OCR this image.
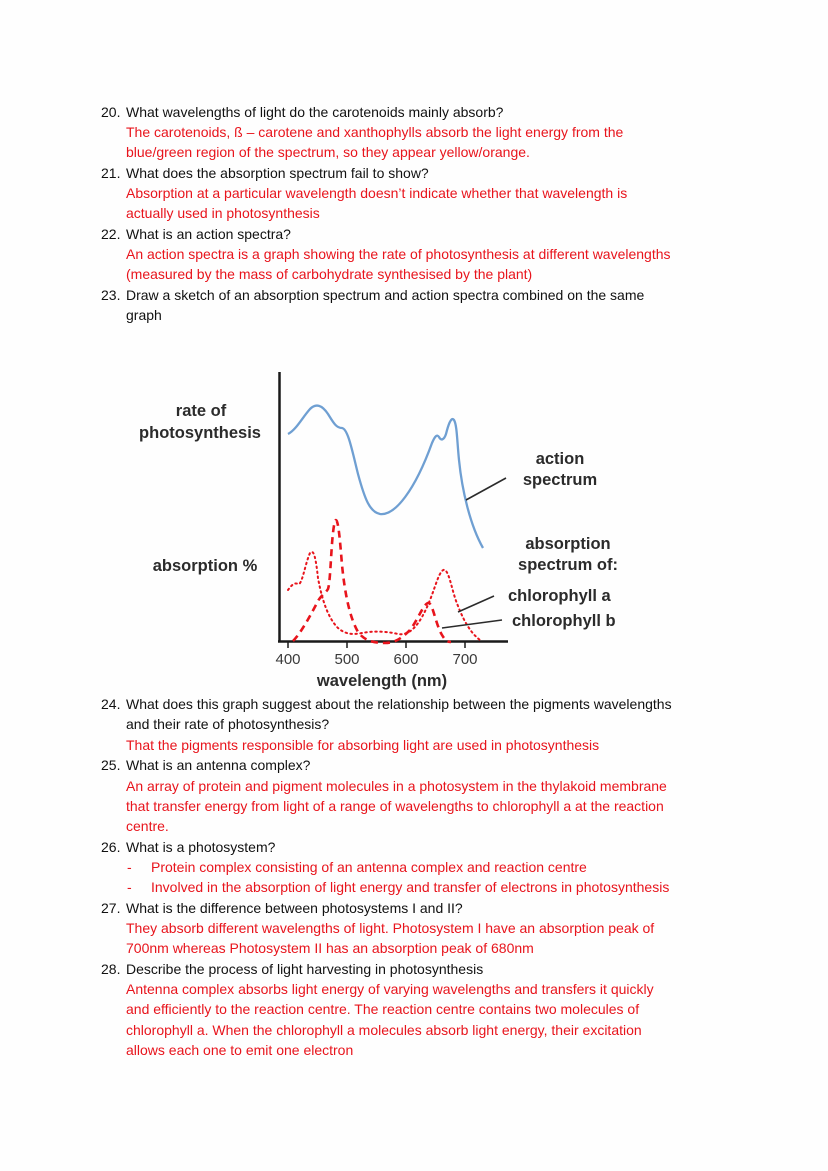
20. What wavelengths of light do the carotenoids mainly absorb?
The carotenoids, ß – carotene and xanthophylls absorb the light energy from the
blue/green region of the spectrum, so they appear yellow/orange.
21. What does the absorption spectrum fail to show?
Absorption at a particular wavelength doesn’t indicate whether that wavelength is
actually used in photosynthesis
22. What is an action spectra?
An action spectra is a graph showing the rate of photosynthesis at different wavelengths
(measured by the mass of carbohydrate synthesised by the plant)
23. Draw a sketch of an absorption spectrum and action spectra combined on the same
graph
rate of
photosynthesis
absorption %
action
spectrum
absorption
spectrum of:
chlorophyll a
chlorophyll b
400 500 600 700
wavelength (nm)
24. What does this graph suggest about the relationship between the pigments wavelengths
and their rate of photosynthesis?
That the pigments responsible for absorbing light are used in photosynthesis
25. What is an antenna complex?
An array of protein and pigment molecules in a photosystem in the thylakoid membrane
that transfer energy from light of a range of wavelengths to chlorophyll a at the reaction
centre.
26. What is a photosystem?
- Protein complex consisting of an antenna complex and reaction centre
- Involved in the absorption of light energy and transfer of electrons in photosynthesis
27. What is the difference between photosystems I and II?
They absorb different wavelengths of light. Photosystem I have an absorption peak of
700nm whereas Photosystem II has an absorption peak of 680nm
28. Describe the process of light harvesting in photosynthesis
Antenna complex absorbs light energy of varying wavelengths and transfers it quickly
and efficiently to the reaction centre. The reaction centre contains two molecules of
chlorophyll a. When the chlorophyll a molecules absorb light energy, their excitation
allows each one to emit one electron
